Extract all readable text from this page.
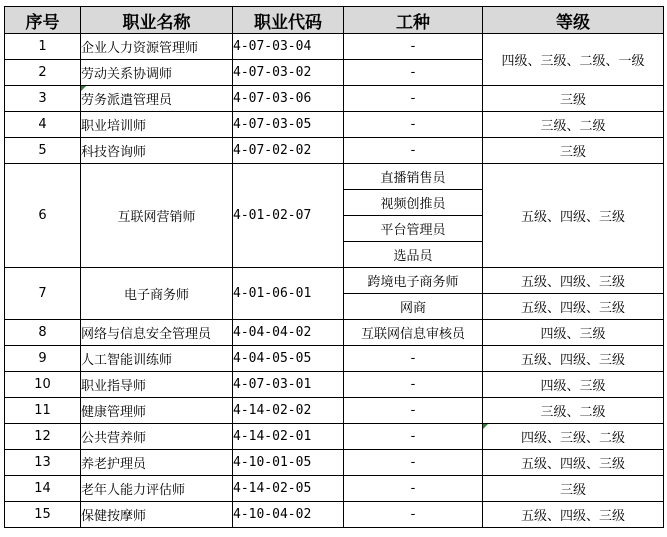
序号	职业名称	职业代码	工种	等级
1	企业人力资源管理师	4-07-03-04	-	四级、三级、二级、一级
2	劳动关系协调师	4-07-03-02	-	
3	劳务派遣管理员	4-07-03-06	-	三级
4	职业培训师	4-07-03-05	-	三级、二级
5	科技咨询师	4-07-02-02	-	三级
6	互联网营销师	4-01-02-07	直播销售员	五级、四级、三级
			视频创推员	
			平台管理员	
			选品员	
7	电子商务师	4-01-06-01	跨境电子商务师	五级、四级、三级
			网商	五级、四级、三级
8	网络与信息安全管理员	4-04-04-02	互联网信息审核员	四级、三级
9	人工智能训练师	4-04-05-05	-	五级、四级、三级
10	职业指导师	4-07-03-01	-	四级、三级
11	健康管理师	4-14-02-02	-	三级、二级
12	公共营养师	4-14-02-01	-	四级、三级、二级
13	养老护理员	4-10-01-05	-	五级、四级、三级
14	老年人能力评估师	4-14-02-05	-	三级
15	保健按摩师	4-10-04-02	-	五级、四级、三级
